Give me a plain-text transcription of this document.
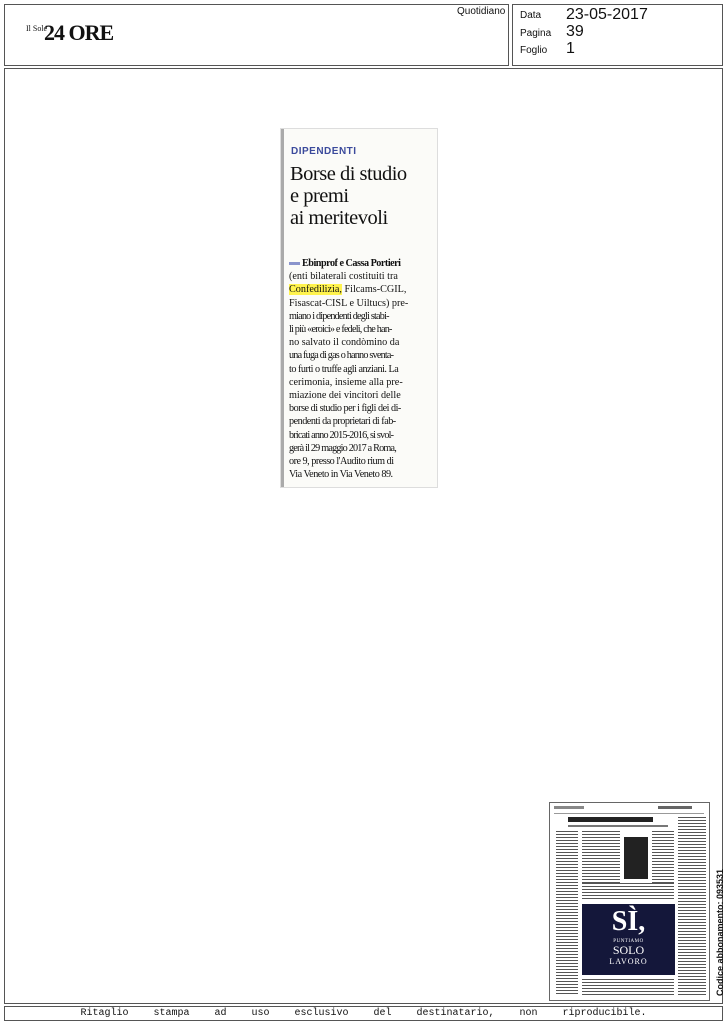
Il Sole
24 ORE
Quotidiano Data 23-05-2017
Pagina 39
Foglio 1
DIPENDENTI
Borse di studio
e premi
ai meritevoli
Ebinprof e Cassa Portieri
(enti bilaterali costituiti tra
Confedilizia, Filcams-CGIL,
Fisascat-CISL e Uiltucs) pre-
miano i dipendenti degli stabi-
li più «eroici» e fedeli, che han-
no salvato il condòmino da
una fuga di gas o hanno sventa-
to furti o truffe agli anziani. La
cerimonia, insieme alla pre-
miazione dei vincitori delle
borse di studio per i figli dei di-
pendenti da proprietari di fab-
bricati anno 2015-2016, si svol-
gerà il 29 maggio 2017 a Roma,
ore 9, presso l'Audito rium di
Via Veneto in Via Veneto 89.
SÌ,
PUNTIAMO
SOLO
LAVORO	Codice abbonamento: 093531
Ritaglio stampa ad uso esclusivo del destinatario, non riproducibile.
